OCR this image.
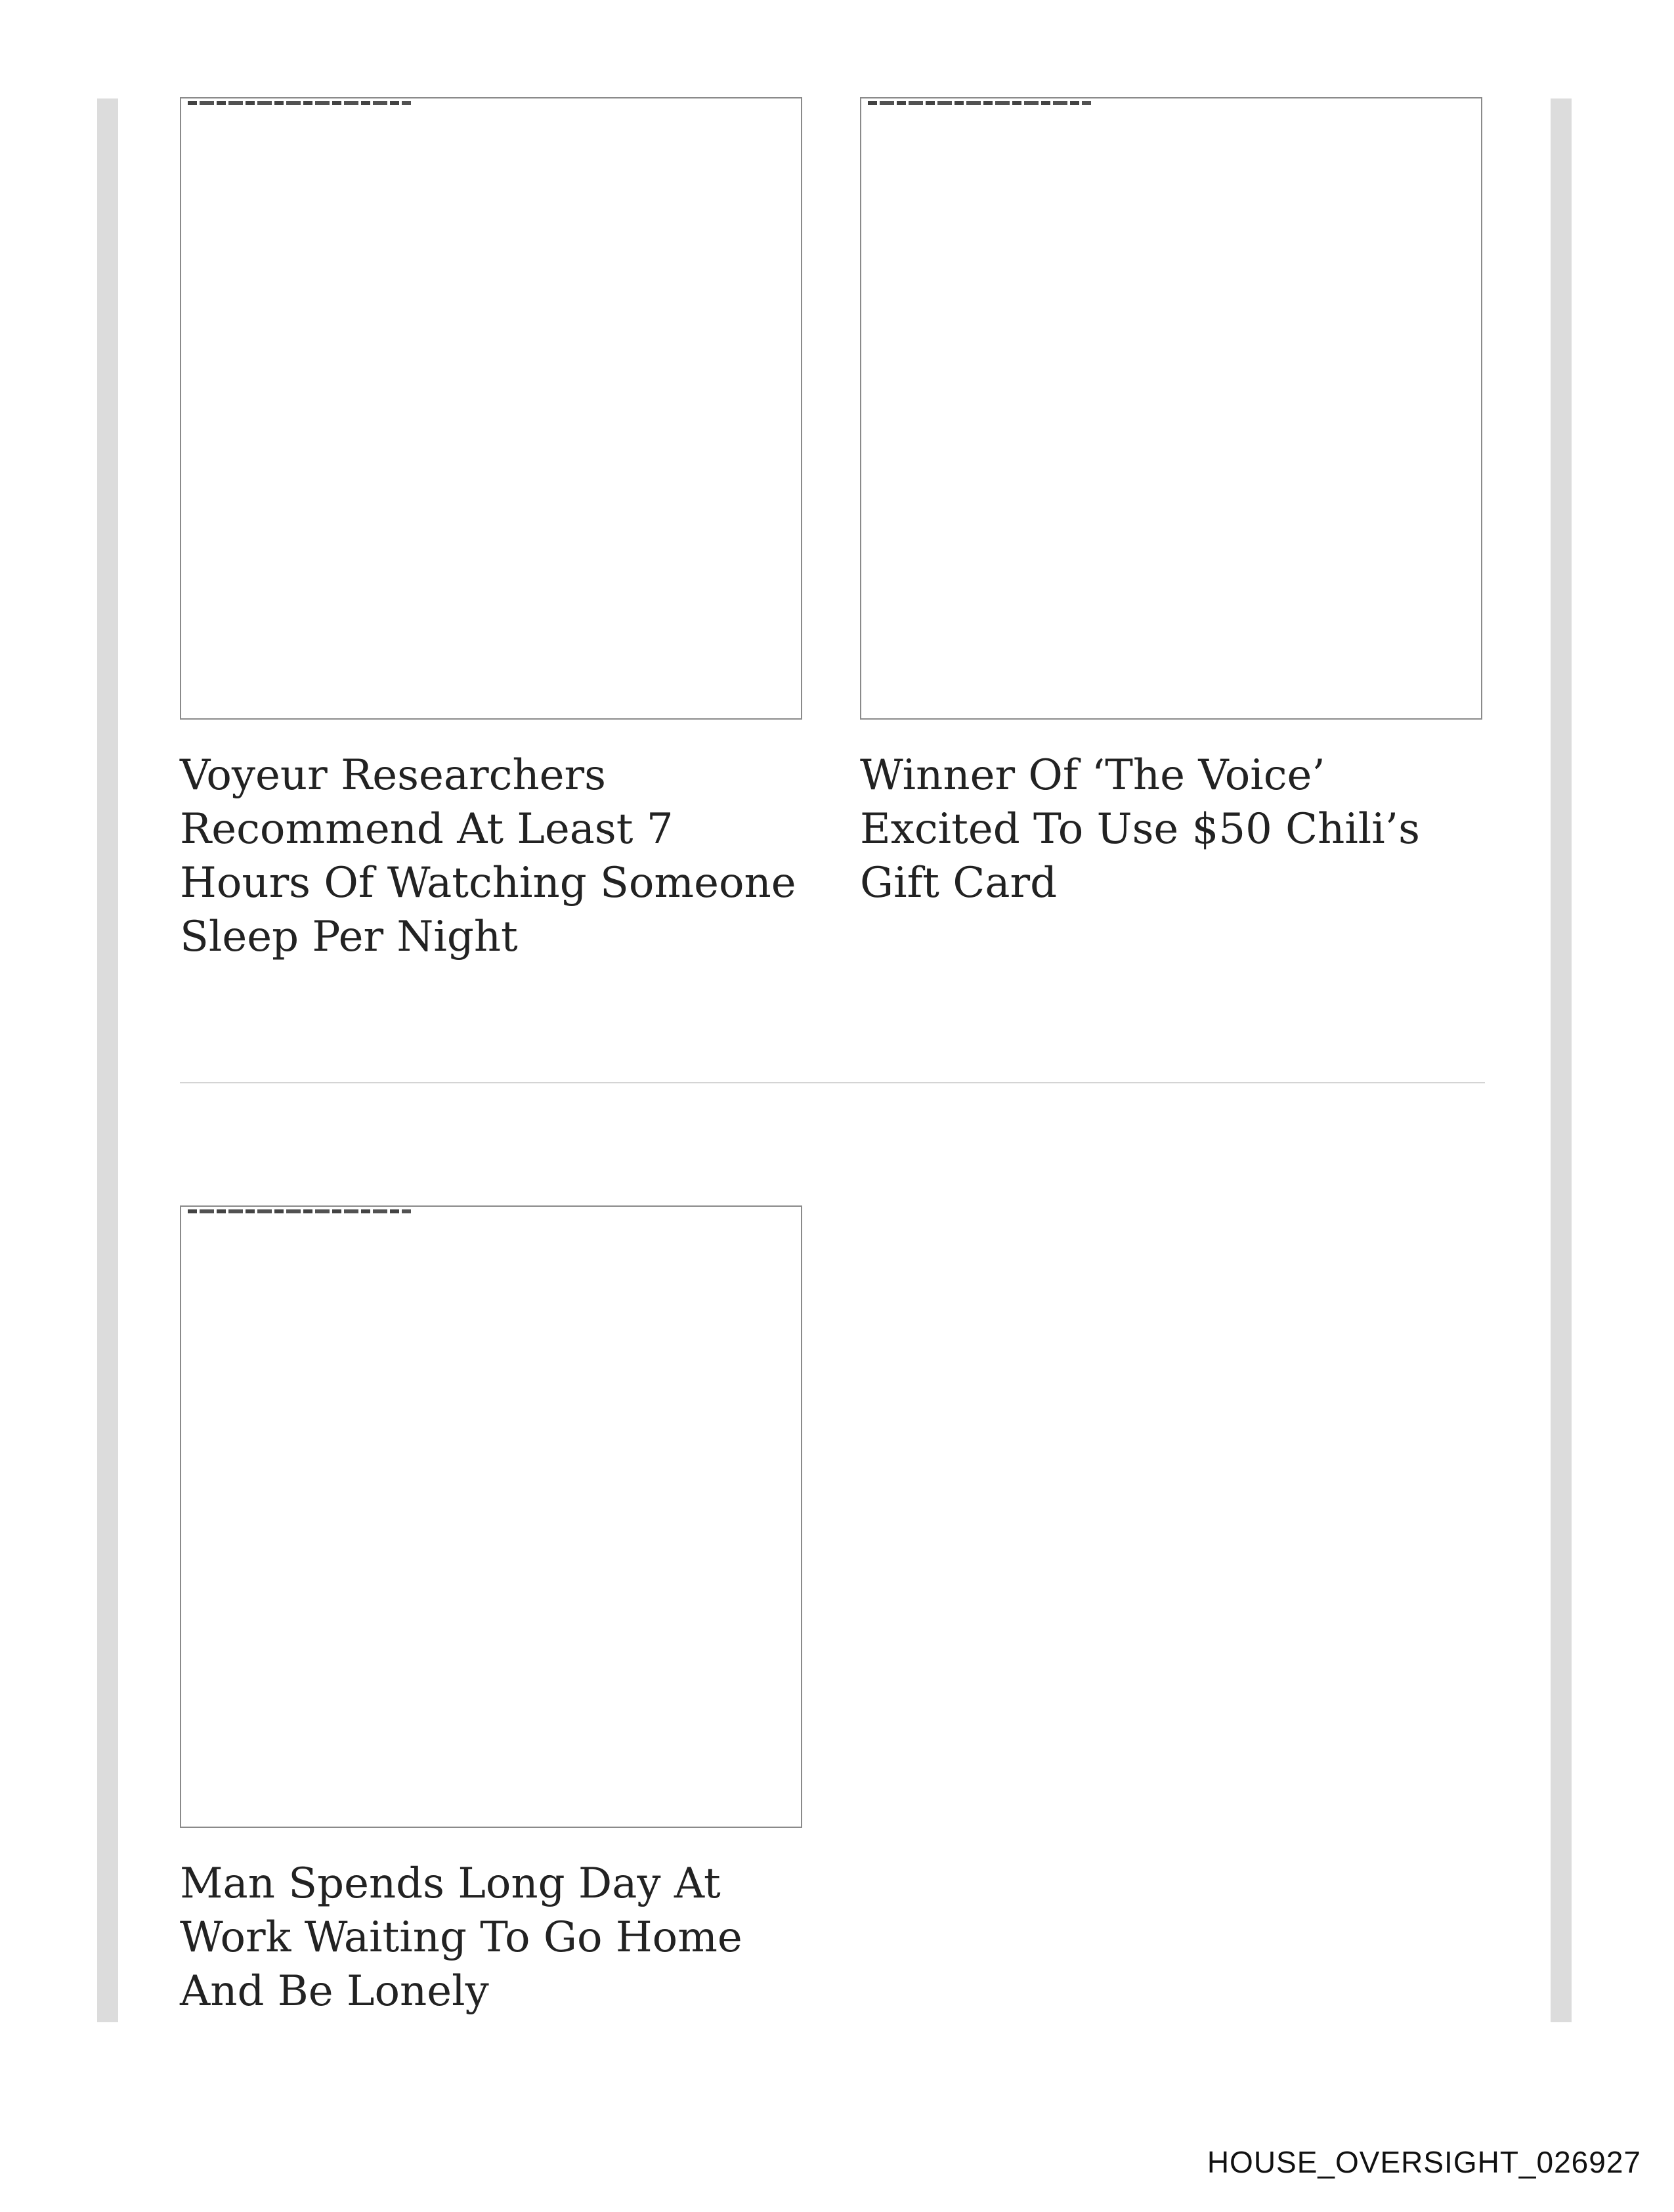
Voyeur Researchers Recommend At Least 7 Hours Of Watching Someone Sleep Per Night
Winner Of ‘The Voice’ Excited To Use $50 Chili’s Gift Card
Man Spends Long Day At Work Waiting To Go Home And Be Lonely
HOUSE_OVERSIGHT_026927
